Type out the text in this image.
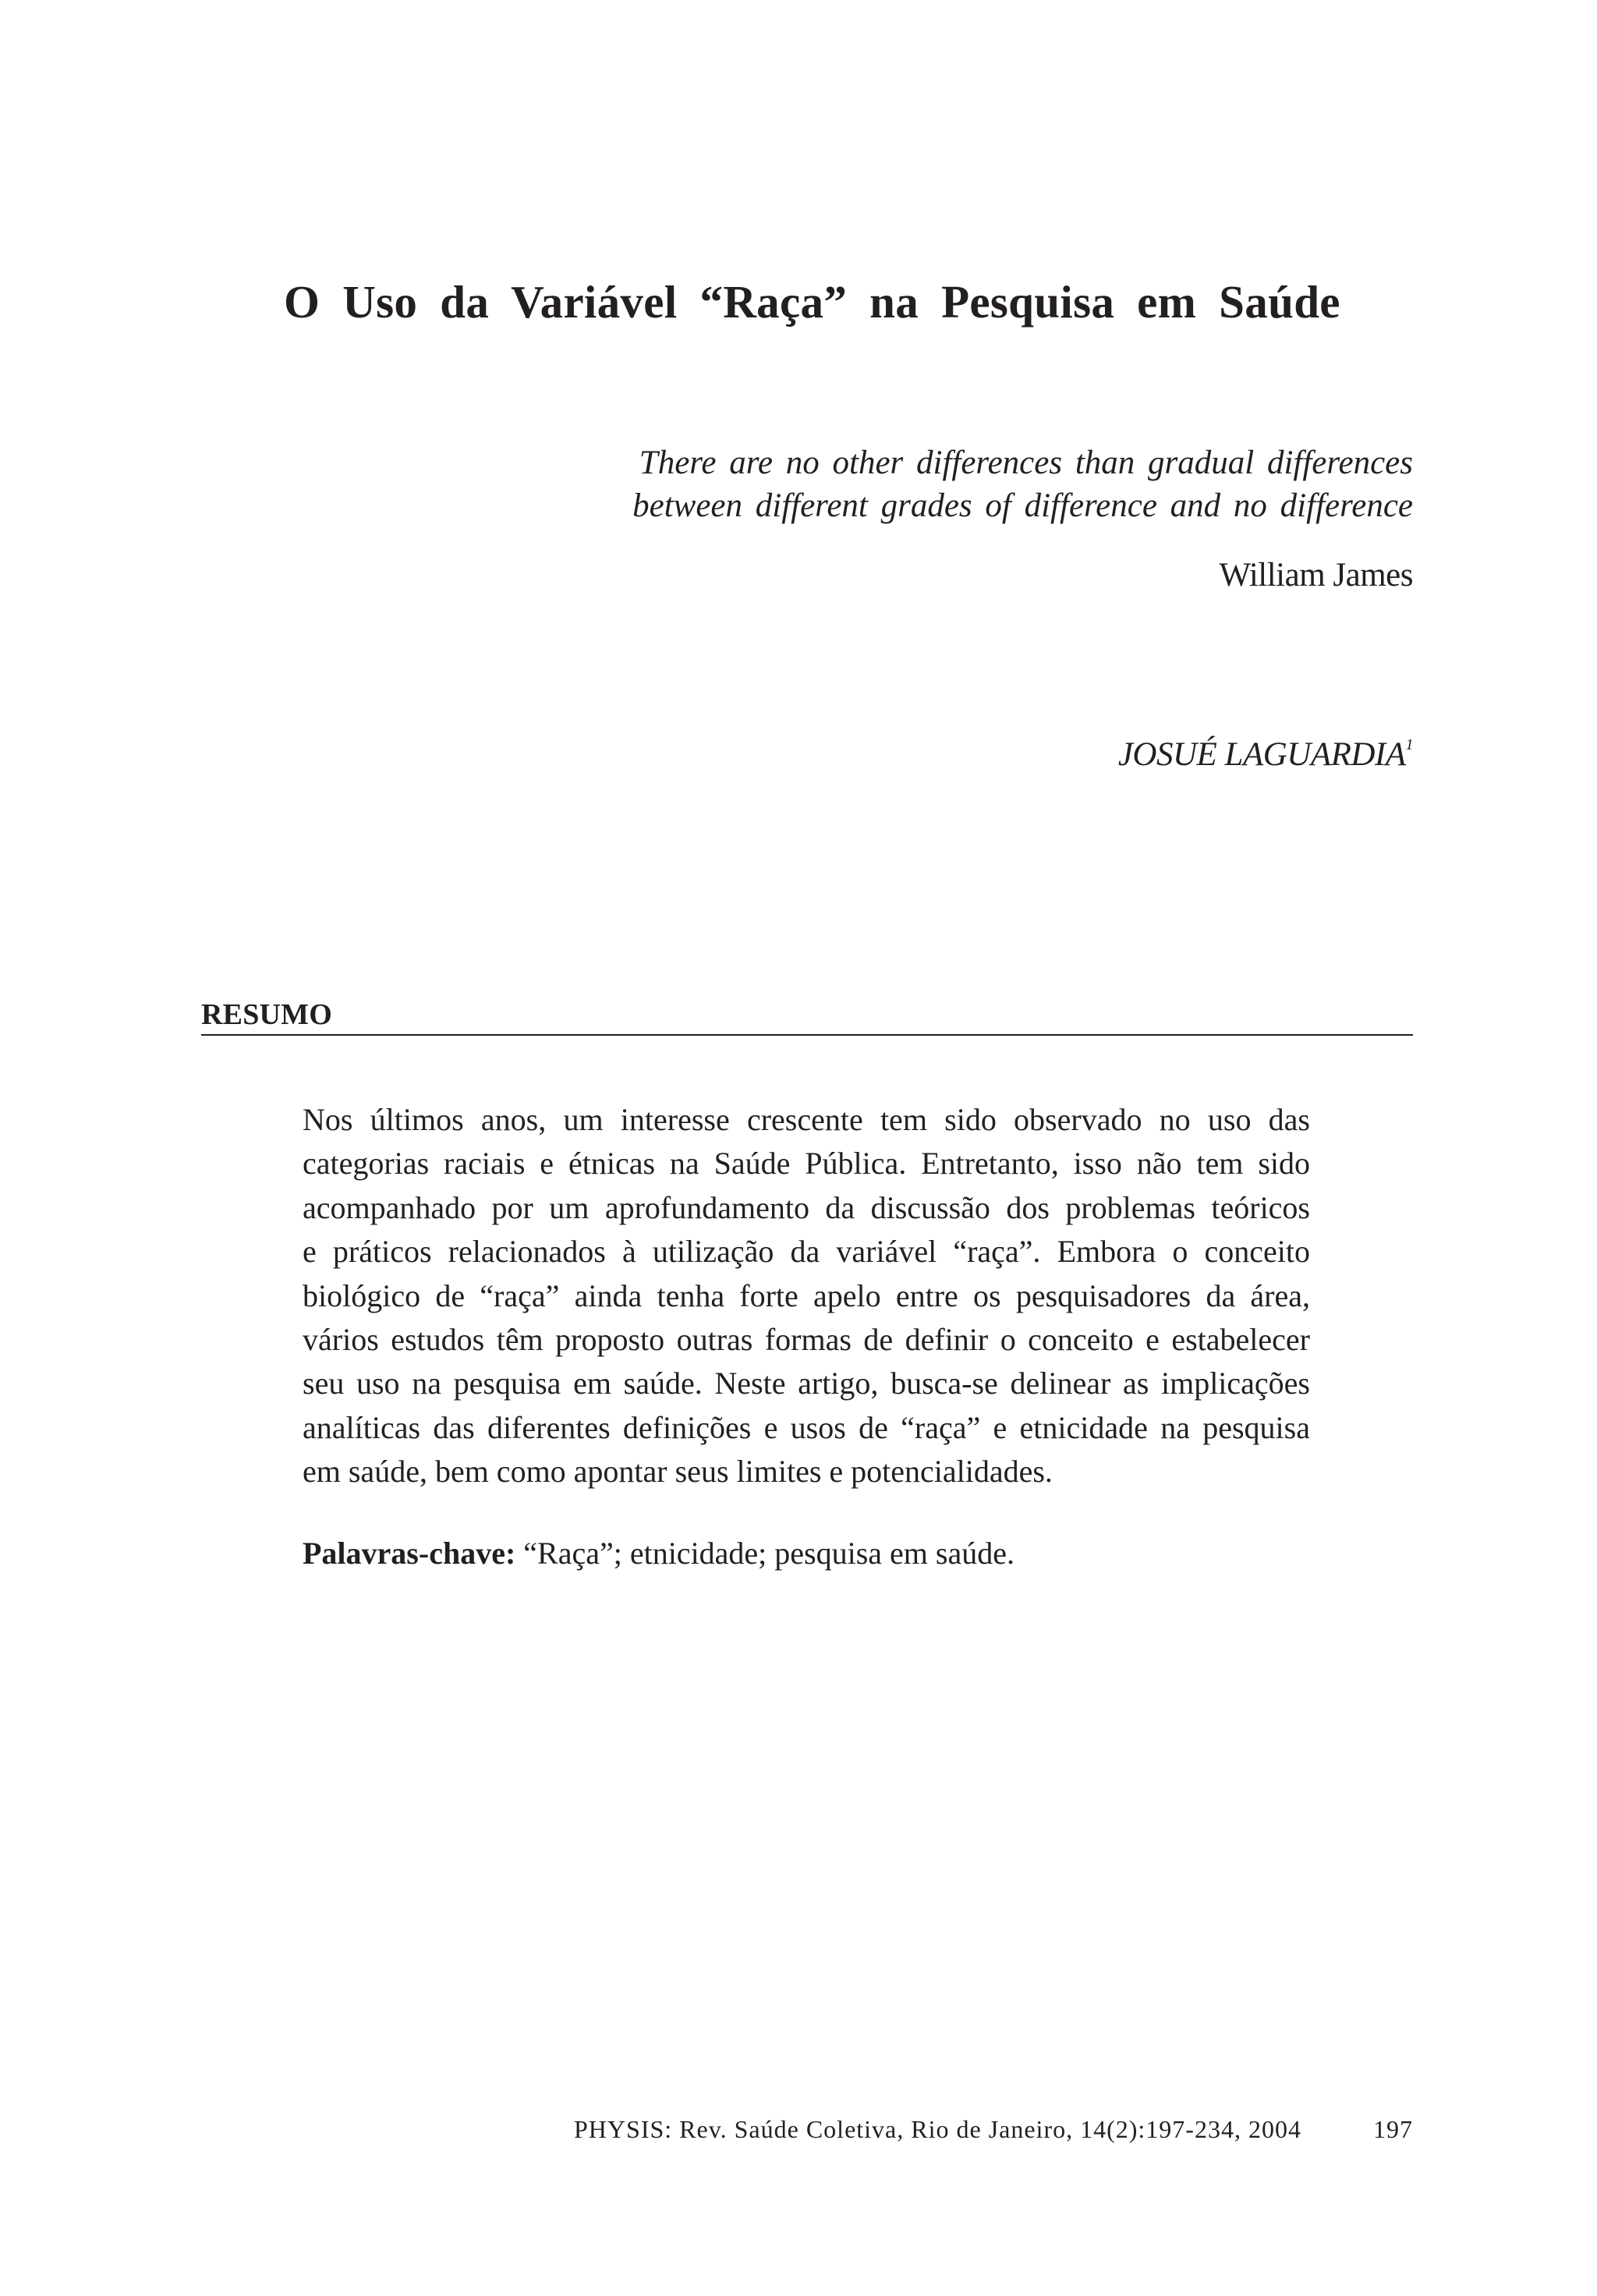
O Uso da Variável “Raça” na Pesquisa em Saúde
There are no other differences than gradual differences
between different grades of difference and no difference
William James
JOSUÉ LAGUARDIA$^1$
RESUMO
Nos últimos anos, um interesse crescente tem sido observado no uso das
categorias raciais e étnicas na Saúde Pública. Entretanto, isso não tem sido
acompanhado por um aprofundamento da discussão dos problemas teóricos
e práticos relacionados à utilização da variável “raça”. Embora o conceito
biológico de “raça” ainda tenha forte apelo entre os pesquisadores da área,
vários estudos têm proposto outras formas de definir o conceito e estabelecer
seu uso na pesquisa em saúde. Neste artigo, busca-se delinear as implicações
analíticas das diferentes definições e usos de “raça” e etnicidade na pesquisa
em saúde, bem como apontar seus limites e potencialidades.
Palavras-chave: “Raça”; etnicidade; pesquisa em saúde.
PHYSIS: Rev. Saúde Coletiva, Rio de Janeiro, 14(2):197-234, 2004	197
